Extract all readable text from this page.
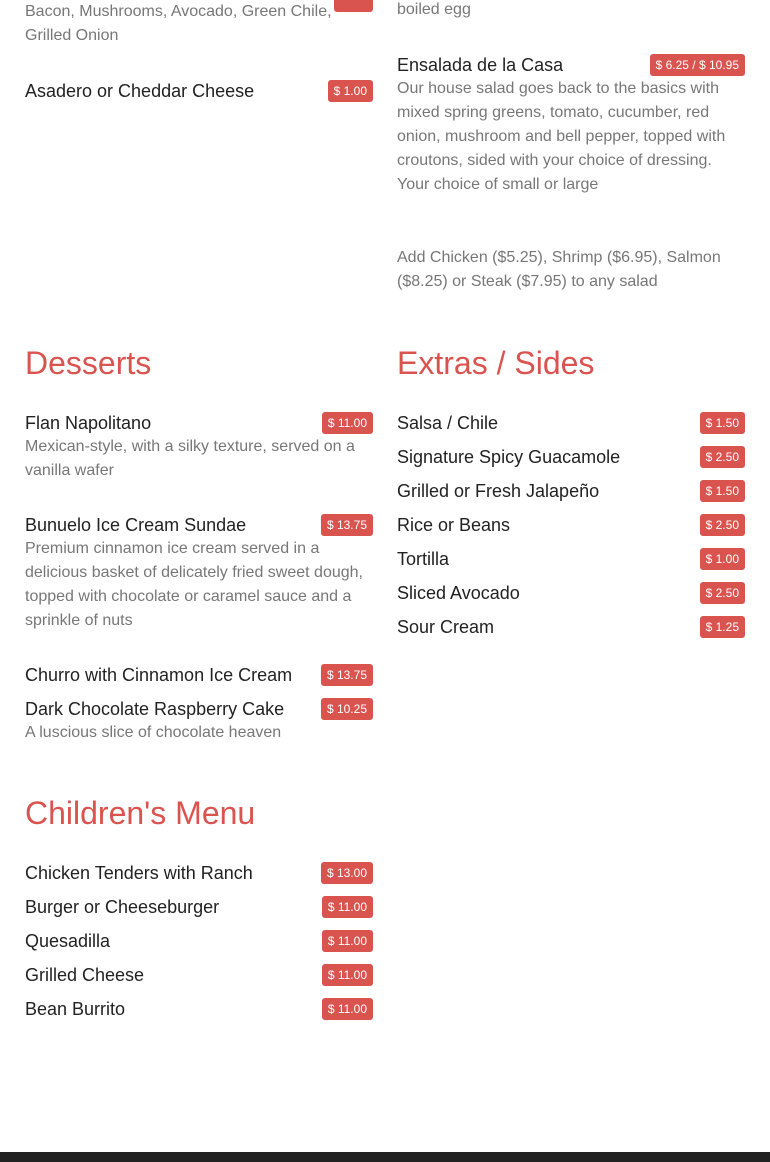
Bacon, Mushrooms, Avocado, Green Chile, Grilled Onion

Asadero or Cheddar Cheese	$ 1.00
Desserts
Flan Napolitano	$ 11.00

Mexican-style, with a silky texture, served on a vanilla wafer

Bunuelo Ice Cream Sundae	$ 13.75

Premium cinnamon ice cream served in a delicious basket of delicately fried sweet dough, topped with chocolate or caramel sauce and a sprinkle of nuts

Churro with Cinnamon Ice Cream	$ 13.75
Dark Chocolate Raspberry Cake	$ 10.25

A luscious slice of chocolate heaven

Children's Menu
Chicken Tenders with Ranch	$ 13.00
Burger or Cheeseburger	$ 11.00
Quesadilla	$ 11.00
Grilled Cheese	$ 11.00
Bean Burrito	$ 11.00
boiled egg
Ensalada de la Casa	$ 6.25 / $ 10.95

Our house salad goes back to the basics with mixed spring greens, tomato, cucumber, red onion, mushroom and bell pepper, topped with croutons, sided with your choice of dressing. Your choice of small or large

Add Chicken ($5.25), Shrimp ($6.95), Salmon ($8.25) or Steak ($7.95) to any salad
Extras / Sides
Salsa / Chile	$ 1.50
Signature Spicy Guacamole	$ 2.50
Grilled or Fresh Jalapeño	$ 1.50
Rice or Beans	$ 2.50
Tortilla	$ 1.00
Sliced Avocado	$ 2.50
Sour Cream	$ 1.25
